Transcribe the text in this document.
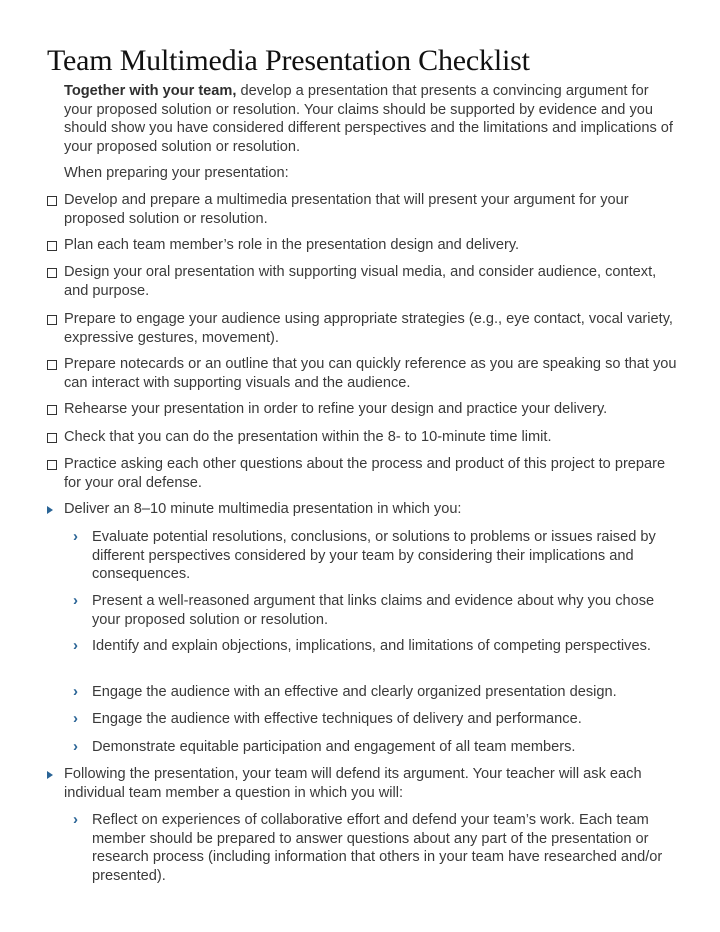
Team Multimedia Presentation Checklist

Together with your team, develop a presentation that presents a convincing argument for your proposed solution or resolution. Your claims should be supported by evidence and you should show you have considered different perspectives and the limitations and implications of your proposed solution or resolution.

When preparing your presentation:

Develop and prepare a multimedia presentation that will present your argument for your proposed solution or resolution.

Plan each team member’s role in the presentation design and delivery.

Design your oral presentation with supporting visual media, and consider audience, context, and purpose.

Prepare to engage your audience using appropriate strategies (e.g., eye contact, vocal variety, expressive gestures, movement).

Prepare notecards or an outline that you can quickly reference as you are speaking so that you can interact with supporting visuals and the audience.

Rehearse your presentation in order to refine your design and practice your delivery.

Check that you can do the presentation within the 8- to 10-minute time limit.

Practice asking each other questions about the process and product of this project to prepare for your oral defense.

Deliver an 8–10 minute multimedia presentation in which you:

› Evaluate potential resolutions, conclusions, or solutions to problems or issues raised by different perspectives considered by your team by considering their implications and consequences.

› Present a well-reasoned argument that links claims and evidence about why you chose your proposed solution or resolution.

› Identify and explain objections, implications, and limitations of competing perspectives.

› Engage the audience with an effective and clearly organized presentation design.

› Engage the audience with effective techniques of delivery and performance.

› Demonstrate equitable participation and engagement of all team members.

Following the presentation, your team will defend its argument. Your teacher will ask each individual team member a question in which you will:

› Reflect on experiences of collaborative effort and defend your team’s work. Each team member should be prepared to answer questions about any part of the presentation or research process (including information that others in your team have researched and/or presented).
